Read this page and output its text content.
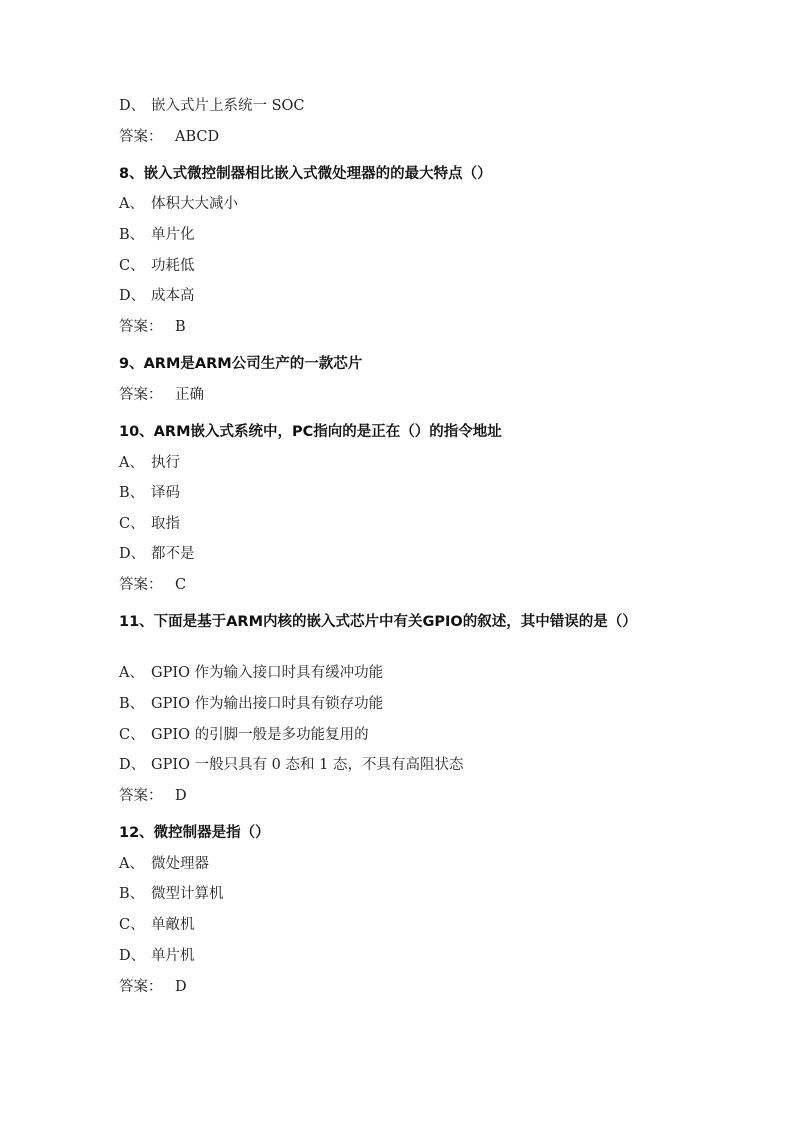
D、 嵌入式片上系统一 SOC
答案： ABCD
8、嵌入式微控制器相比嵌入式微处理器的的最大特点（）
A、 体积大大减小
B、 单片化
C、 功耗低
D、 成本高
答案： B
9、ARM是ARM公司生产的一款芯片
答案： 正确
10、ARM嵌入式系统中，PC指向的是正在（）的指令地址
A、 执行
B、 译码
C、 取指
D、 都不是
答案： C
11、下面是基于ARM内核的嵌入式芯片中有关GPIO的叙述，其中错误的是（）
A、 GPIO 作为输入接口时具有缓冲功能
B、 GPIO 作为输出接口时具有锁存功能
C、 GPIO 的引脚一般是多功能复用的
D、 GPIO 一般只具有 0 态和 1 态，不具有高阻状态
答案： D
12、微控制器是指（）
A、 微处理器
B、 微型计算机
C、 单敵机
D、 单片机
答案： D
